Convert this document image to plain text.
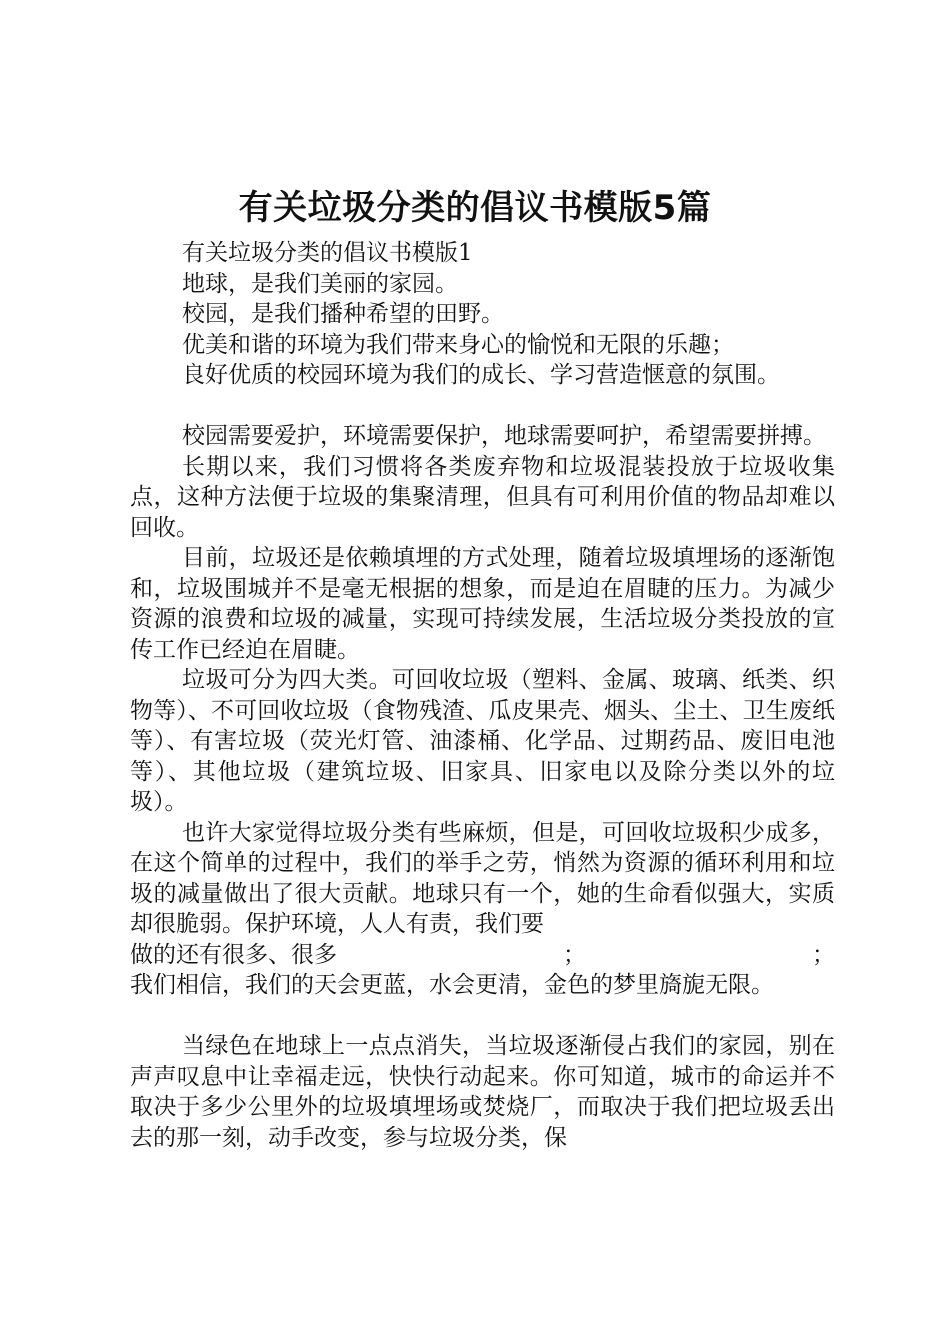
有关垃圾分类的倡议书模版5篇
有关垃圾分类的倡议书模版1
地球，是我们美丽的家园。
校园，是我们播种希望的田野。
优美和谐的环境为我们带来身心的愉悦和无限的乐趣；
良好优质的校园环境为我们的成长、学习营造惬意的氛围。

校园需要爱护，环境需要保护，地球需要呵护，希望需要拼搏。

长期以来，我们习惯将各类废弃物和垃圾混装投放于垃圾收集点，这种方法便于垃圾的集聚清理，但具有可利用价值的物品却难以回收。

目前，垃圾还是依赖填埋的方式处理，随着垃圾填埋场的逐渐饱和，垃圾围城并不是毫无根据的想象，而是迫在眉睫的压力。为减少资源的浪费和垃圾的减量，实现可持续发展，生活垃圾分类投放的宣传工作已经迫在眉睫。

垃圾可分为四大类。可回收垃圾（塑料、金属、玻璃、纸类、织物等）、不可回收垃圾（食物残渣、瓜皮果壳、烟头、尘土、卫生废纸等）、有害垃圾（荧光灯管、油漆桶、化学品、过期药品、废旧电池等）、其他垃圾（建筑垃圾、旧家具、旧家电以及除分类以外的垃圾）。

也许大家觉得垃圾分类有些麻烦，但是，可回收垃圾积少成多，在这个简单的过程中，我们的举手之劳，悄然为资源的循环利用和垃圾的减量做出了很大贡献。地球只有一个，她的生命看似强大，实质却很脆弱。保护环境，人人有责，我们要

做的还有很多、很多	；	；
我们相信，我们的天会更蓝，水会更清，金色的梦里旖旎无限。

当绿色在地球上一点点消失，当垃圾逐渐侵占我们的家园，别在声声叹息中让幸福走远，快快行动起来。你可知道，城市的命运并不取决于多少公里外的垃圾填埋场或焚烧厂，而取决于我们把垃圾丢出去的那一刻，动手改变，参与垃圾分类，保
